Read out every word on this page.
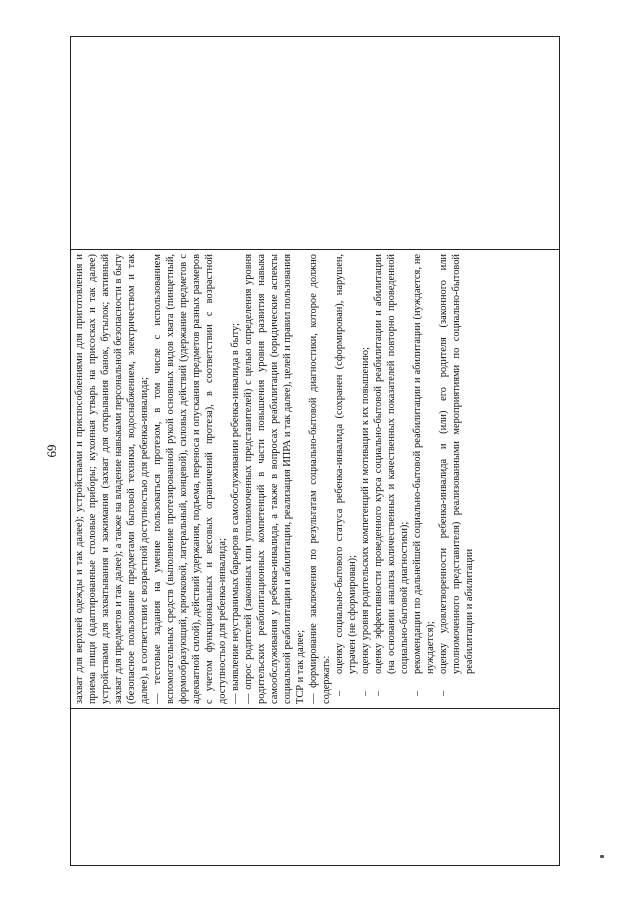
69 захват для верхней одежды и так далее); устройствами и приспособлениями для приготовления и приема пищи (адаптированные столовые приборы; кухонная утварь на присосках и так далее) устройствами для захватывания и зажимания (захват для открывания банок, бутылок; активный захват для предметов и так далее); а также на владение навыками персональной безопасности в быту (безопасное пользование предметами бытовой техники, водоснабжением, электричеством и так далее), в соответствии с возрастной доступностью для ребенка-инвалида; — тестовые задания на умение пользоваться протезом, в том числе с использованием вспомогательных средств (выполнение протезированной рукой основных видов хвата (пинцетный, формообразующий, крючковой, латеральный, концевой), силовых действий (удержание предметов с адекватной силой), действий удержания, подъема, переноса и опускания предметов разных размеров с учетом функциональных и весовых ограничений протеза), в соответствии с возрастной доступностью для ребенка-инвалида; — выявление неустранимых барьеров в самообслуживании ребенка-инвалида в быту; — опрос родителей (законных или уполномоченных представителей) с целью определения уровня родительских реабилитационных компетенций в части повышения уровня развития навыка самообслуживания у ребенка-инвалида, а также в вопросах реабилитации (юридические аспекты социальной реабилитации и абилитации, реализация ИПРА и так далее), целей и правил пользования ТСР и так далее; — формирование заключения по результатам социально-бытовой диагностики, которое должно содержать: –
оценку социально-бытового статуса ребенка-инвалида (сохранен (сформирован), нарушен, утрачен (не сформирован);
–
оценку уровня родительских компетенций и мотивации к их повышению;
–
оценку эффективности проведенного курса социально-бытовой реабилитации и абилитации (на основании анализа количественных и качественных показателей повторно проведенной социально-бытовой диагностики);
–
рекомендации по дальнейшей социально-бытовой реабилитации и абилитации (нуждается, не нуждается);
–
оценку удовлетворенности ребенка-инвалида и (или) его родителя (законного или уполномоченного представителя) реализованными мероприятиями по социально-бытовой реабилитации и абилитации
